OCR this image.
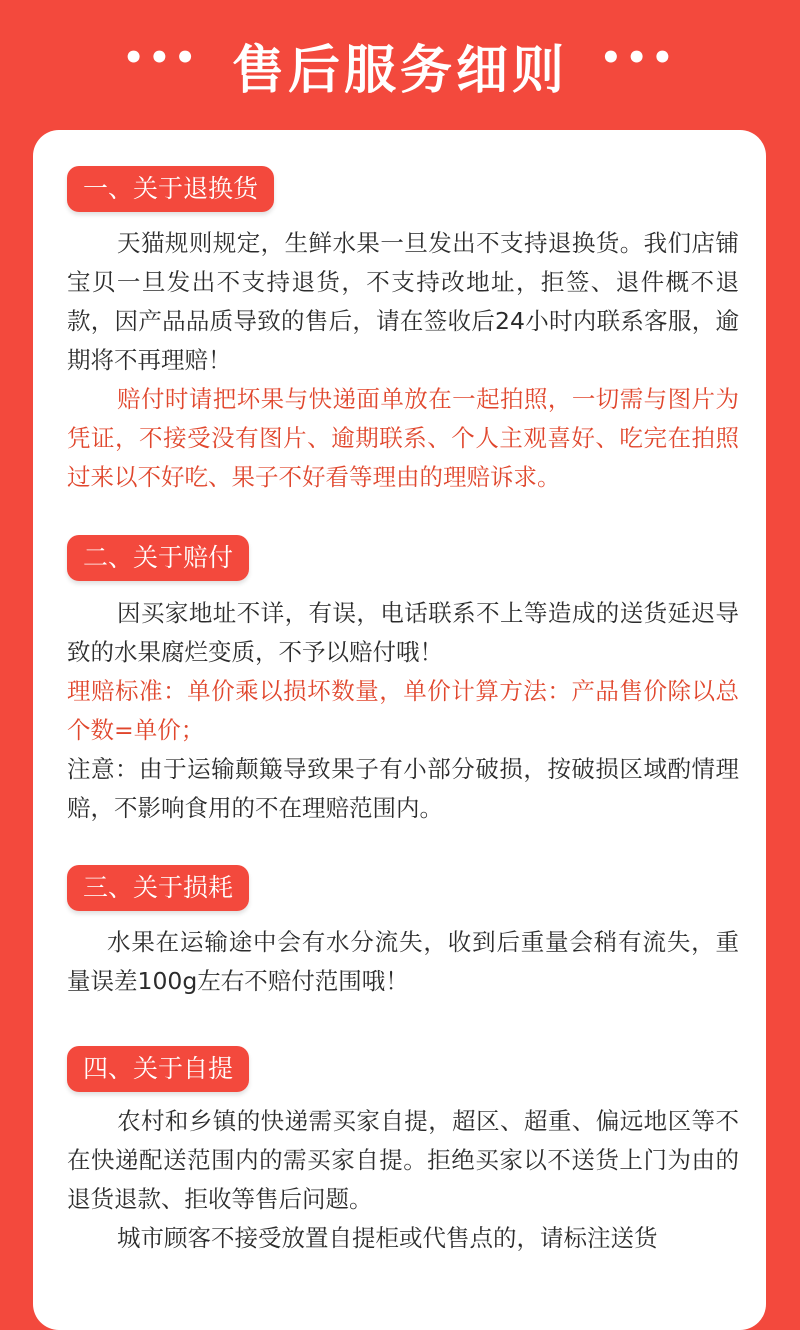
••• 售后服务细则 •••
一、关于退换货
天猫规则规定，生鲜水果一旦发出不支持退换货。我们店铺宝贝一旦发出不支持退货，不支持改地址，拒签、退件概不退款，因产品品质导致的售后，请在签收后24小时内联系客服，逾期将不再理赔！
赔付时请把坏果与快递面单放在一起拍照，一切需与图片为凭证，不接受没有图片、逾期联系、个人主观喜好、吃完在拍照过来以不好吃、果子不好看等理由的理赔诉求。
二、关于赔付
因买家地址不详，有误，电话联系不上等造成的送货延迟导致的水果腐烂变质，不予以赔付哦！
理赔标准：单价乘以损坏数量，单价计算方法：产品售价除以总个数=单价；
注意：由于运输颠簸导致果子有小部分破损，按破损区域酌情理赔，不影响食用的不在理赔范围内。
三、关于损耗
水果在运输途中会有水分流失，收到后重量会稍有流失，重量误差100g左右不赔付范围哦！
四、关于自提
农村和乡镇的快递需买家自提，超区、超重、偏远地区等不在快递配送范围内的需买家自提。拒绝买家以不送货上门为由的退货退款、拒收等售后问题。
城市顾客不接受放置自提柜或代售点的，请标注送货
